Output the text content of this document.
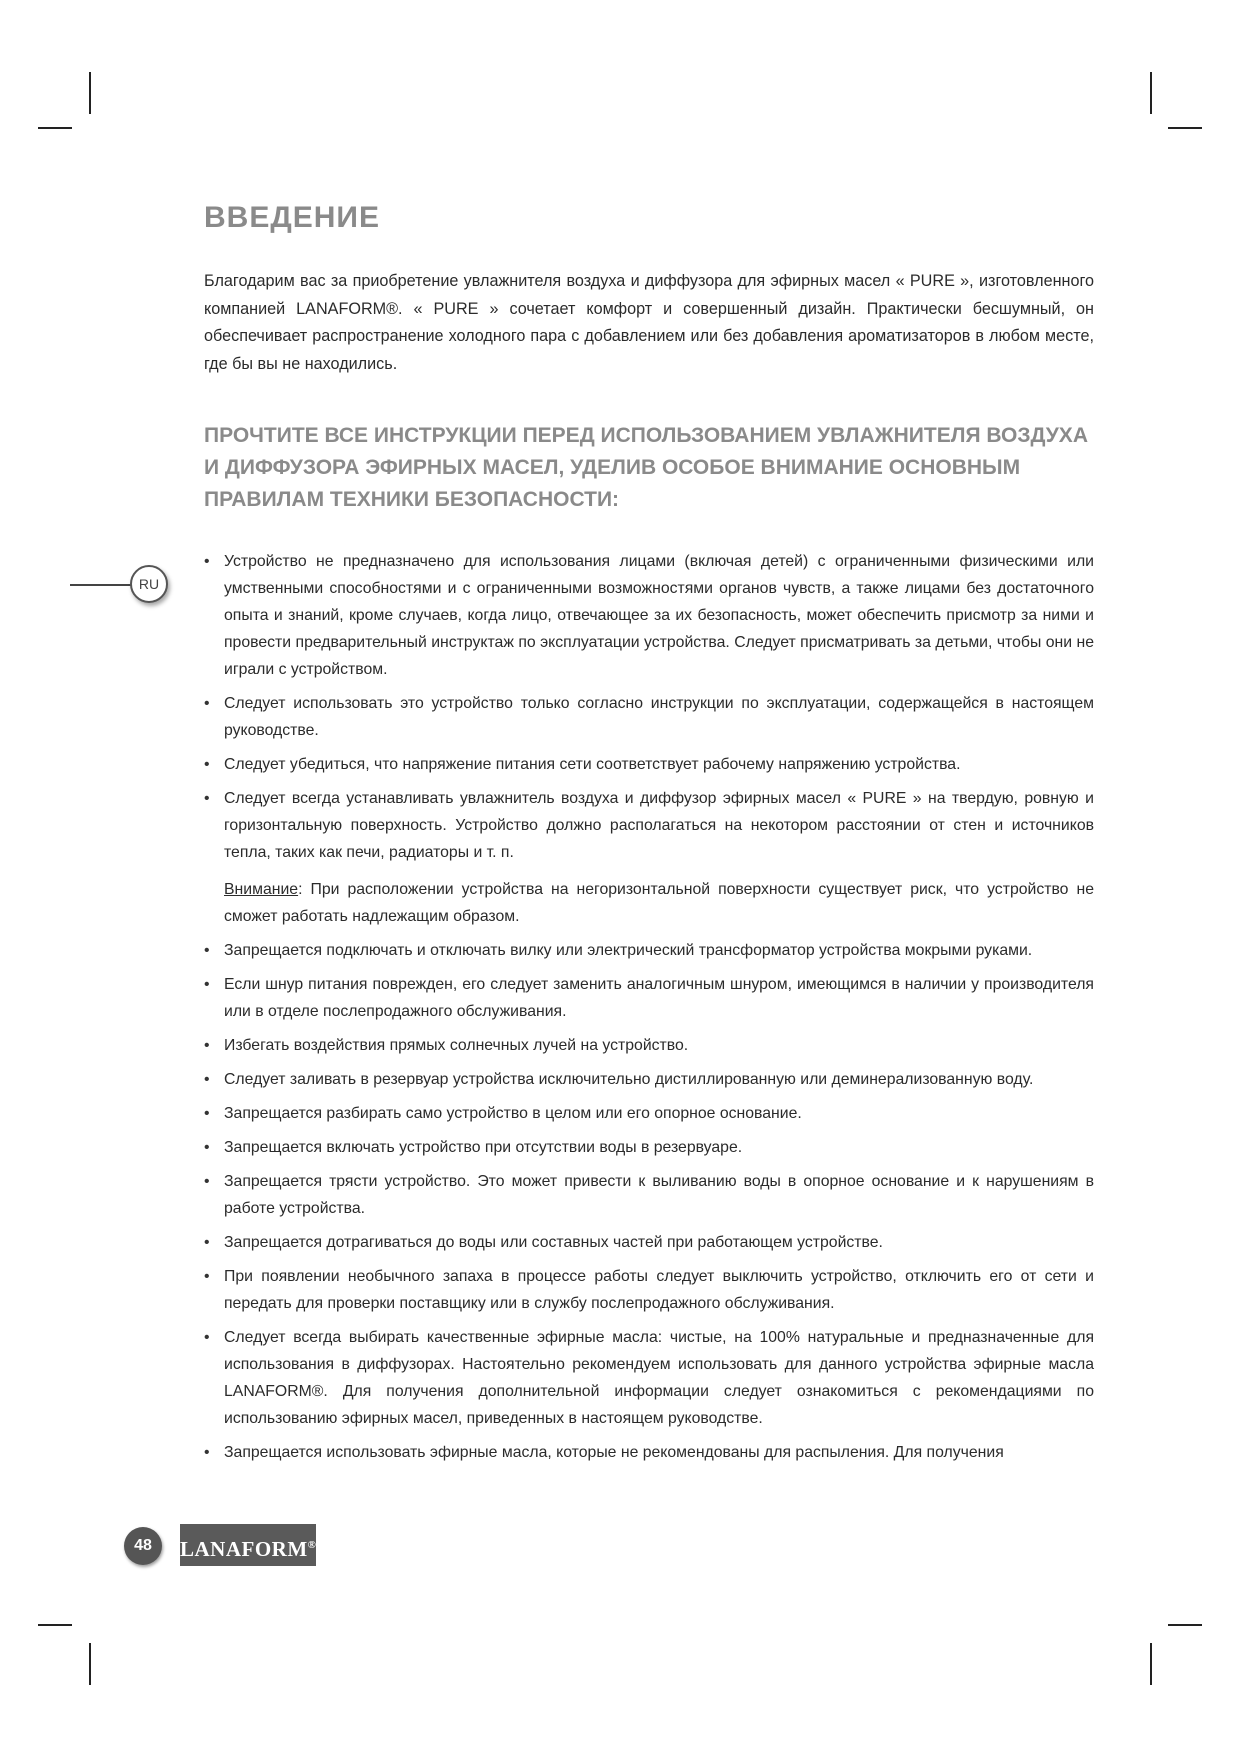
RU
ВВЕДЕНИЕ

Благодарим вас за приобретение увлажнителя воздуха и диффузора для эфирных масел « PURE », изготовленного компанией LANAFORM®. « PURE » сочетает комфорт и совершенный дизайн. Практически бесшумный, он обеспечивает распространение холодного пара с добавлением или без добавления ароматизаторов в любом месте, где бы вы не находились.

ПРОЧТИТЕ ВСЕ ИНСТРУКЦИИ ПЕРЕД ИСПОЛЬЗОВАНИЕМ УВЛАЖНИТЕЛЯ ВОЗДУХА И ДИФФУЗОРА ЭФИРНЫХ МАСЕЛ, УДЕЛИВ ОСОБОЕ ВНИМАНИЕ ОСНОВНЫМ ПРАВИЛАМ ТЕХНИКИ БЕЗОПАСНОСТИ:
• Устройство не предназначено для использования лицами (включая детей) с ограниченными физическими или умственными способностями и с ограниченными возможностями органов чувств, а также лицами без достаточного опыта и знаний, кроме случаев, когда лицо, отвечающее за их безопасность, может обеспечить присмотр за ними и провести предварительный инструктаж по эксплуатации устройства. Следует присматривать за детьми, чтобы они не играли с устройством.
• Следует использовать это устройство только согласно инструкции по эксплуатации, содержащейся в настоящем руководстве.
• Следует убедиться, что напряжение питания сети соответствует рабочему напряжению устройства.
• Следует всегда устанавливать увлажнитель воздуха и диффузор эфирных масел « PURE » на твердую, ровную и горизонтальную поверхность. Устройство должно располагаться на некотором расстоянии от стен и источников тепла, таких как печи, радиаторы и т. п.
Внимание: При расположении устройства на негоризонтальной поверхности существует риск, что устройство не сможет работать надлежащим образом.
• Запрещается подключать и отключать вилку или электрический трансформатор устройства мокрыми руками.
• Если шнур питания поврежден, его следует заменить аналогичным шнуром, имеющимся в наличии у производителя или в отделе послепродажного обслуживания.
• Избегать воздействия прямых солнечных лучей на устройство.
• Следует заливать в резервуар устройства исключительно дистиллированную или деминерализованную воду.
• Запрещается разбирать само устройство в целом или его опорное основание.
• Запрещается включать устройство при отсутствии воды в резервуаре.
• Запрещается трясти устройство. Это может привести к выливанию воды в опорное основание и к нарушениям в работе устройства.
• Запрещается дотрагиваться до воды или составных частей при работающем устройстве.
• При появлении необычного запаха в процессе работы следует выключить устройство, отключить его от сети и передать для проверки поставщику или в службу послепродажного обслуживания.
• Следует всегда выбирать качественные эфирные масла: чистые, на 100% натуральные и предназначенные для использования в диффузорах. Настоятельно рекомендуем использовать для данного устройства эфирные масла LANAFORM®. Для получения дополнительной информации следует ознакомиться с рекомендациями по использованию эфирных масел, приведенных в настоящем руководстве.
• Запрещается использовать эфирные масла, которые не рекомендованы для распыления. Для получения
48	LANAFORM®
